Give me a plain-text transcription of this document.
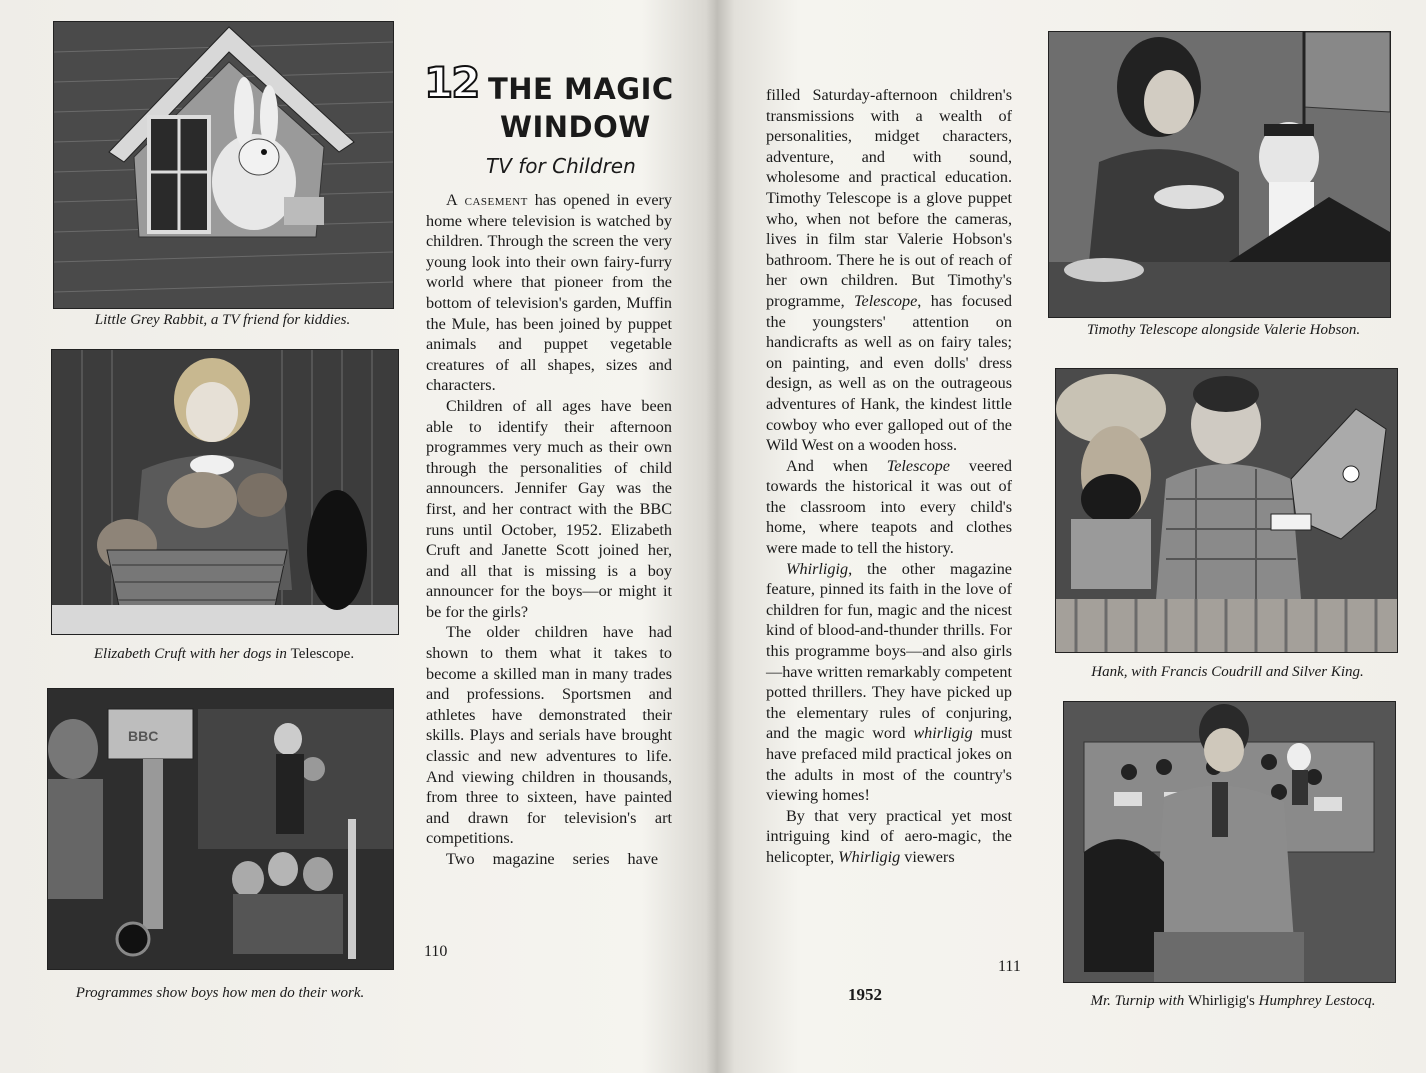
Little Grey Rabbit, a TV friend for kiddies.
Elizabeth Cruft with her dogs in Telescope.
BBC
Programmes show boys how men do their work.
12 THE MAGIC
WINDOW
TV for Children

A casement has opened in every home where television is watched by children. Through the screen the very young look into their own fairy-furry world where that pioneer from the bottom of television's garden, Muffin the Mule, has been joined by puppet animals and puppet vegetable creatures of all shapes, sizes and characters.

Children of all ages have been able to identify their afternoon programmes very much as their own through the personalities of child announcers. Jennifer Gay was the first, and her contract with the BBC runs until October, 1952. Elizabeth Cruft and Janette Scott joined her, and all that is missing is a boy announcer for the boys—or might it be for the girls?

The older children have had shown to them what it takes to become a skilled man in many trades and professions. Sportsmen and athletes have demonstrated their skills. Plays and serials have brought classic and new adventures to life. And viewing children in thousands, from three to sixteen, have painted and drawn for television's art competitions.

Two magazine series have

110

filled Saturday-afternoon children's transmissions with a wealth of personalities, midget characters, adventure, and with sound, wholesome and practical education. Timothy Telescope is a glove puppet who, when not before the cameras, lives in film star Valerie Hobson's bathroom. There he is out of reach of her own children. But Timothy's programme, Telescope, has focused the youngsters' attention on handicrafts as well as on fairy tales; on painting, and even dolls' dress design, as well as on the outrageous adventures of Hank, the kindest little cowboy who ever galloped out of the Wild West on a wooden hoss.

And when Telescope veered towards the historical it was out of the classroom into every child's home, where teapots and clothes were made to tell the history.

Whirligig, the other magazine feature, pinned its faith in the love of children for fun, magic and the nicest kind of blood-and-thunder thrills. For this programme boys—and also girls—have written remarkably competent potted thrillers. They have picked up the elementary rules of conjuring, and the magic word whirligig must have prefaced mild practical jokes on the adults in most of the country's viewing homes!

By that very practical yet most intriguing kind of aero-magic, the helicopter, Whirligig viewers

111
1952
Timothy Telescope alongside Valerie Hobson.
Hank, with Francis Coudrill and Silver King.
Mr. Turnip with Whirligig's Humphrey Lestocq.
